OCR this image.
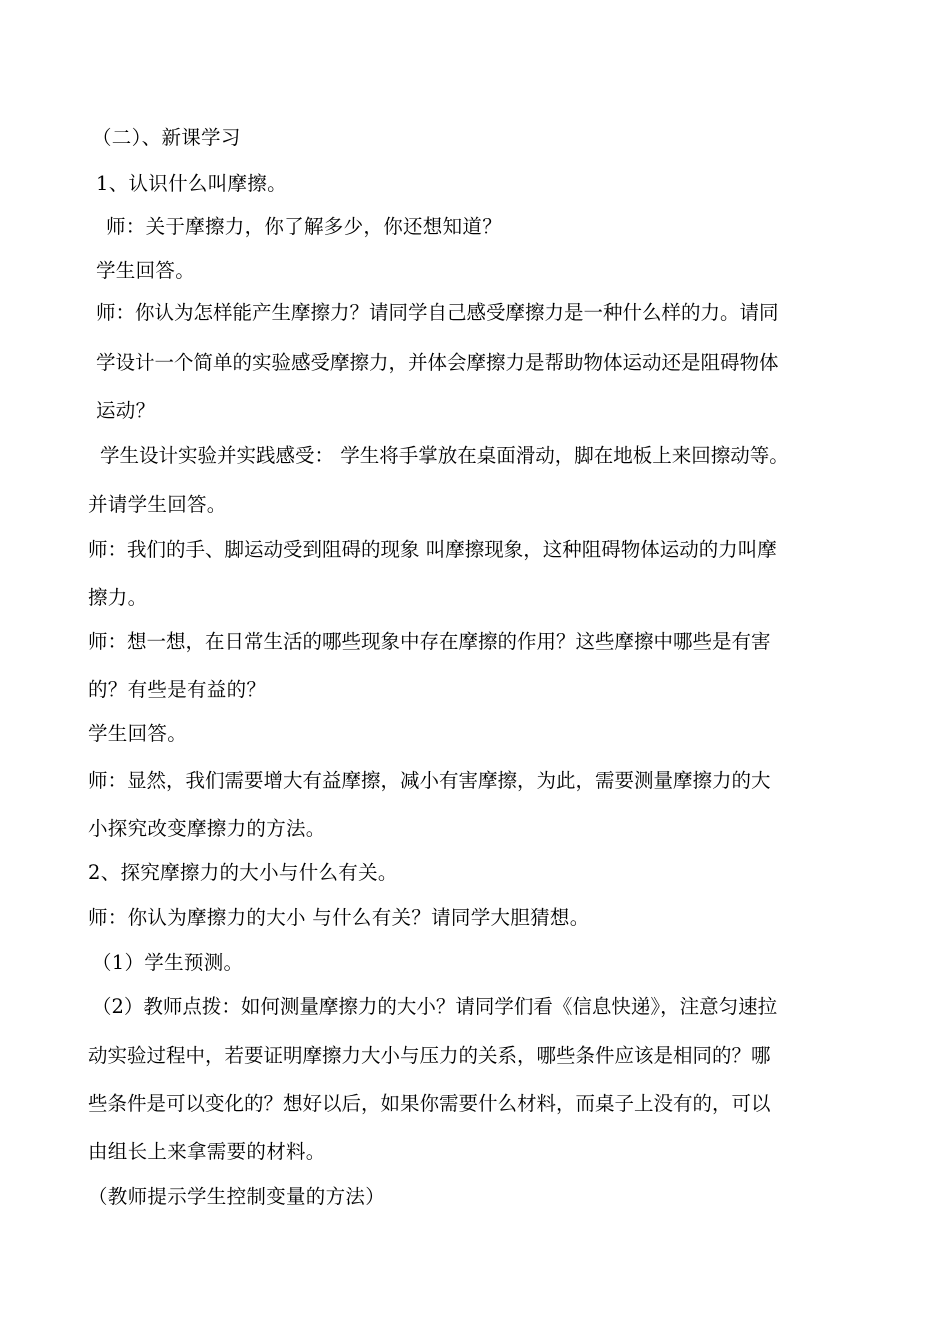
（二）、新课学习
1、认识什么叫摩擦。
师：关于摩擦力，你了解多少，你还想知道？
学生回答。
师：你认为怎样能产生摩擦力？请同学自己感受摩擦力是一种什么样的力。请同
学设计一个简单的实验感受摩擦力，并体会摩擦力是帮助物体运动还是阻碍物体
运动？
学生设计实验并实践感受： 学生将手掌放在桌面滑动，脚在地板上来回擦动等。
并请学生回答。
师：我们的手、脚运动受到阻碍的现象 叫摩擦现象，这种阻碍物体运动的力叫摩
擦力。
师：想一想，在日常生活的哪些现象中存在摩擦的作用？这些摩擦中哪些是有害
的？有些是有益的？
学生回答。
师：显然，我们需要增大有益摩擦，减小有害摩擦，为此，需要测量摩擦力的大
小探究改变摩擦力的方法。
2、探究摩擦力的大小与什么有关。
师：你认为摩擦力的大小 与什么有关？请同学大胆猜想。
（1）学生预测。
（2）教师点拨：如何测量摩擦力的大小？请同学们看《信息快递》，注意匀速拉
动实验过程中，若要证明摩擦力大小与压力的关系，哪些条件应该是相同的？哪
些条件是可以变化的？想好以后，如果你需要什么材料，而桌子上没有的，可以
由组长上来拿需要的材料。
（教师提示学生控制变量的方法）
